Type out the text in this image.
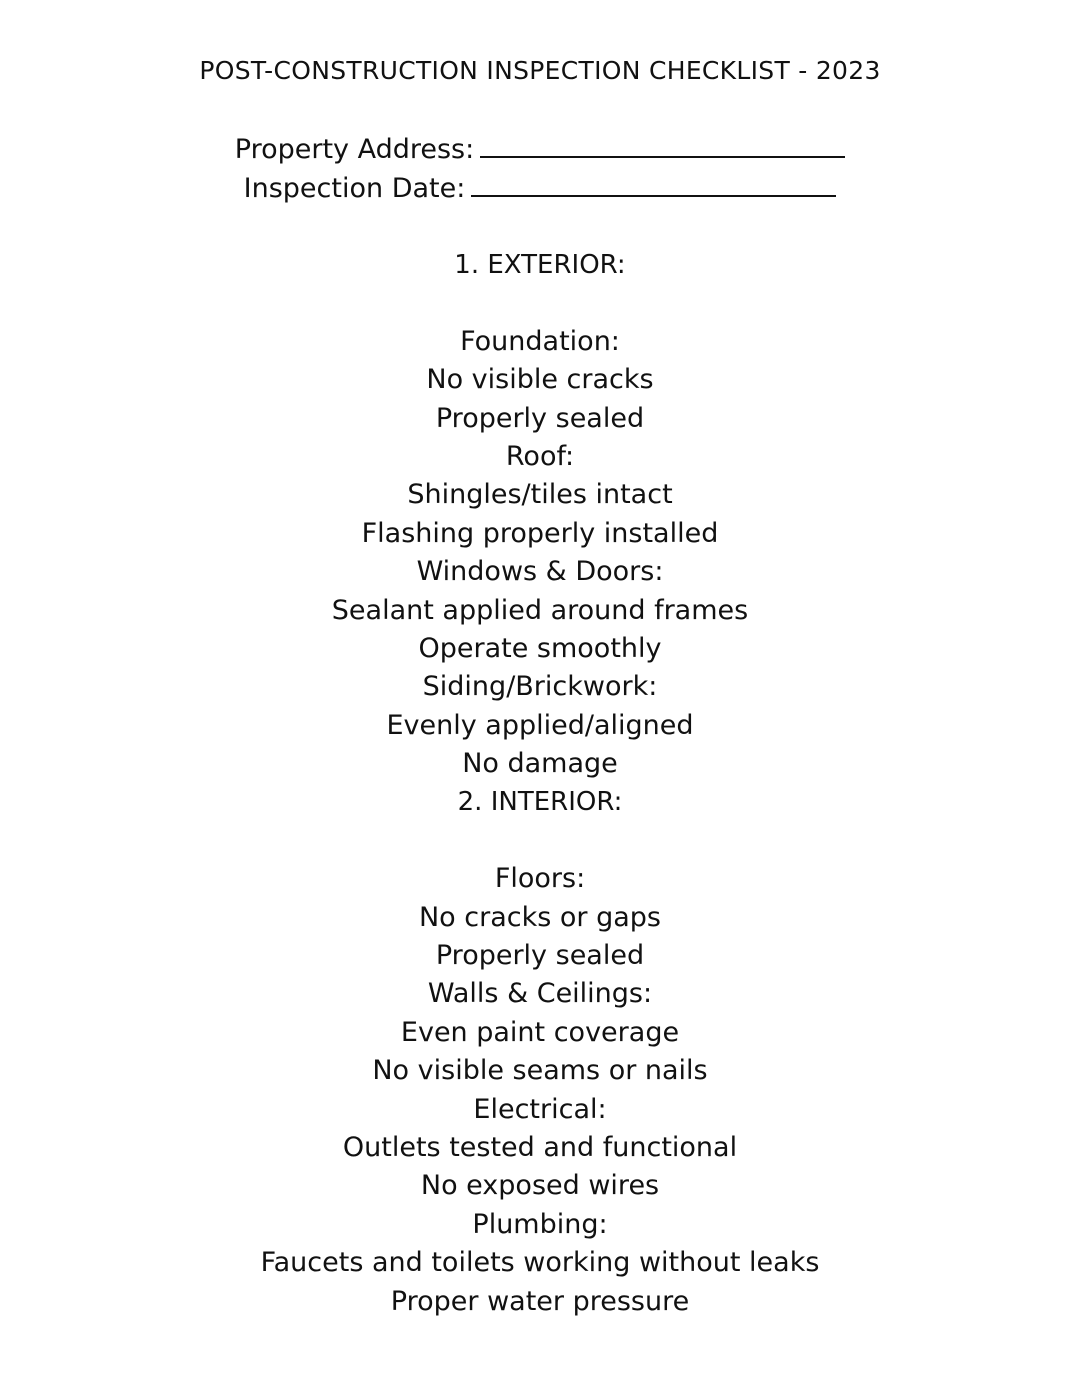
POST-CONSTRUCTION INSPECTION CHECKLIST - 2023
Property Address:
Inspection Date:
1. EXTERIOR:
Foundation:
No visible cracks
Properly sealed
Roof:
Shingles/tiles intact
Flashing properly installed
Windows & Doors:
Sealant applied around frames
Operate smoothly
Siding/Brickwork:
Evenly applied/aligned
No damage
2. INTERIOR:
Floors:
No cracks or gaps
Properly sealed
Walls & Ceilings:
Even paint coverage
No visible seams or nails
Electrical:
Outlets tested and functional
No exposed wires
Plumbing:
Faucets and toilets working without leaks
Proper water pressure
